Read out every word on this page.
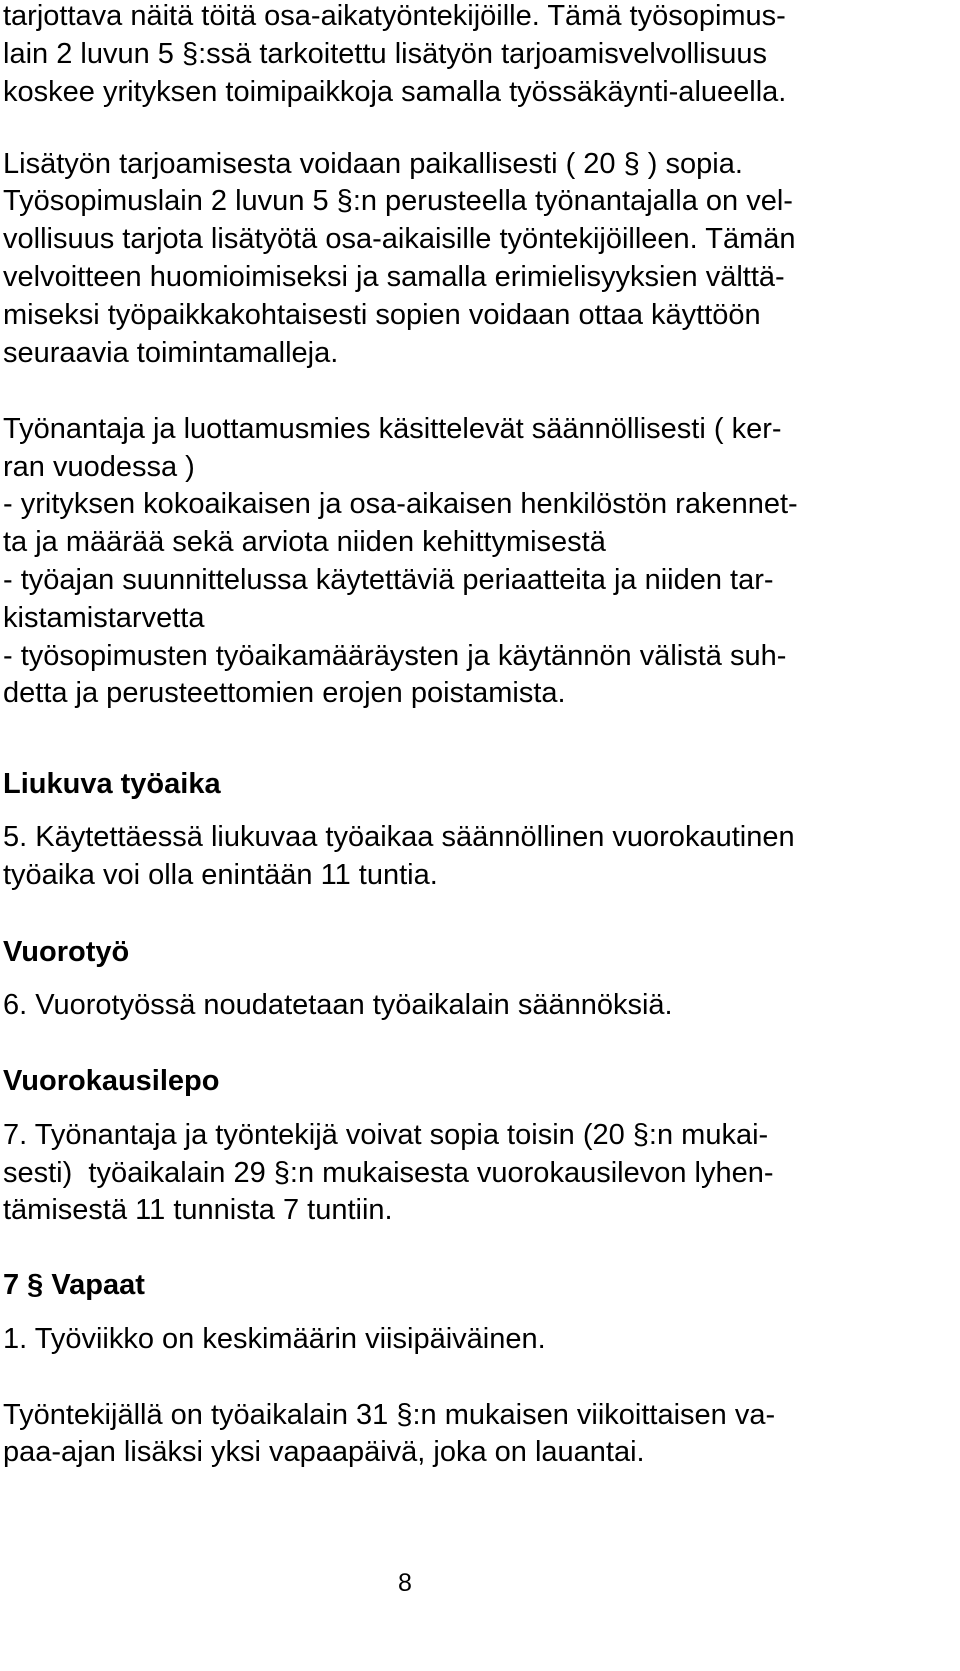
tarjottava näitä töitä osa-aikatyöntekijöille. Tämä työsopimus-
lain 2 luvun 5 §:ssä tarkoitettu lisätyön tarjoamisvelvollisuus
koskee yrityksen toimipaikkoja samalla työssäkäynti-alueella.
Lisätyön tarjoamisesta voidaan paikallisesti ( 20 § ) sopia.
Työsopimuslain 2 luvun 5 §:n perusteella työnantajalla on vel-
vollisuus tarjota lisätyötä osa-aikaisille työntekijöilleen. Tämän
velvoitteen huomioimiseksi ja samalla erimielisyyksien välttä-
miseksi työpaikkakohtaisesti sopien voidaan ottaa käyttöön
seuraavia toimintamalleja.
Työnantaja ja luottamusmies käsittelevät säännöllisesti ( ker-
ran vuodessa )
- yrityksen kokoaikaisen ja osa-aikaisen henkilöstön rakennet-
ta ja määrää sekä arviota niiden kehittymisestä
- työajan suunnittelussa käytettäviä periaatteita ja niiden tar-
kistamistarvetta
- työsopimusten työaikamääräysten ja käytännön välistä suh-
detta ja perusteettomien erojen poistamista.
Liukuva työaika
5. Käytettäessä liukuvaa työaikaa säännöllinen vuorokautinen
työaika voi olla enintään 11 tuntia.
Vuorotyö
6. Vuorotyössä noudatetaan työaikalain säännöksiä.
Vuorokausilepo
7. Työnantaja ja työntekijä voivat sopia toisin (20 §:n mukai-
sesti)  työaikalain 29 §:n mukaisesta vuorokausilevon lyhen-
tämisestä 11 tunnista 7 tuntiin.
7 § Vapaat
1. Työviikko on keskimäärin viisipäiväinen.
Työntekijällä on työaikalain 31 §:n mukaisen viikoittaisen va-
paa-ajan lisäksi yksi vapaapäivä, joka on lauantai.
8
